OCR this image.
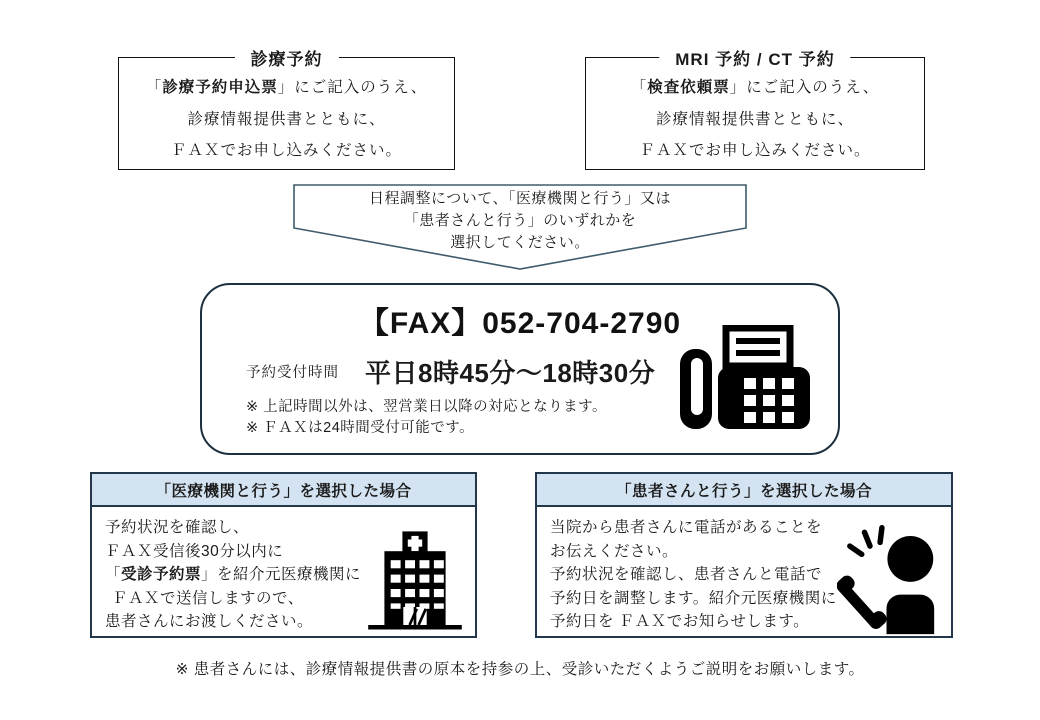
診療予約
「診療予約申込票」にご記入のうえ、
診療情報提供書とともに、
ＦＡＸでお申し込みください。
MRI 予約 / CT 予約
「検査依頼票」にご記入のうえ、
診療情報提供書とともに、
ＦＡＸでお申し込みください。
日程調整について、「医療機関と行う」又は
「患者さんと行う」のいずれかを
選択してください。
【FAX】052-704-2790
予約受付時間 平日8時45分～18時30分
※ 上記時間以外は、翌営業日以降の対応となります。
※ ＦＡＸは24時間受付可能です。
「医療機関と行う」を選択した場合
予約状況を確認し、
ＦＡＸ受信後30分以内に
「受診予約票」を紹介元医療機関に
ＦＡＸで送信しますので、
患者さんにお渡しください。
「患者さんと行う」を選択した場合
当院から患者さんに電話があることを
お伝えください。
予約状況を確認し、患者さんと電話で
予約日を調整します。紹介元医療機関に
予約日を ＦＡＸでお知らせします。
※ 患者さんには、診療情報提供書の原本を持参の上、受診いただくようご説明をお願いします。
